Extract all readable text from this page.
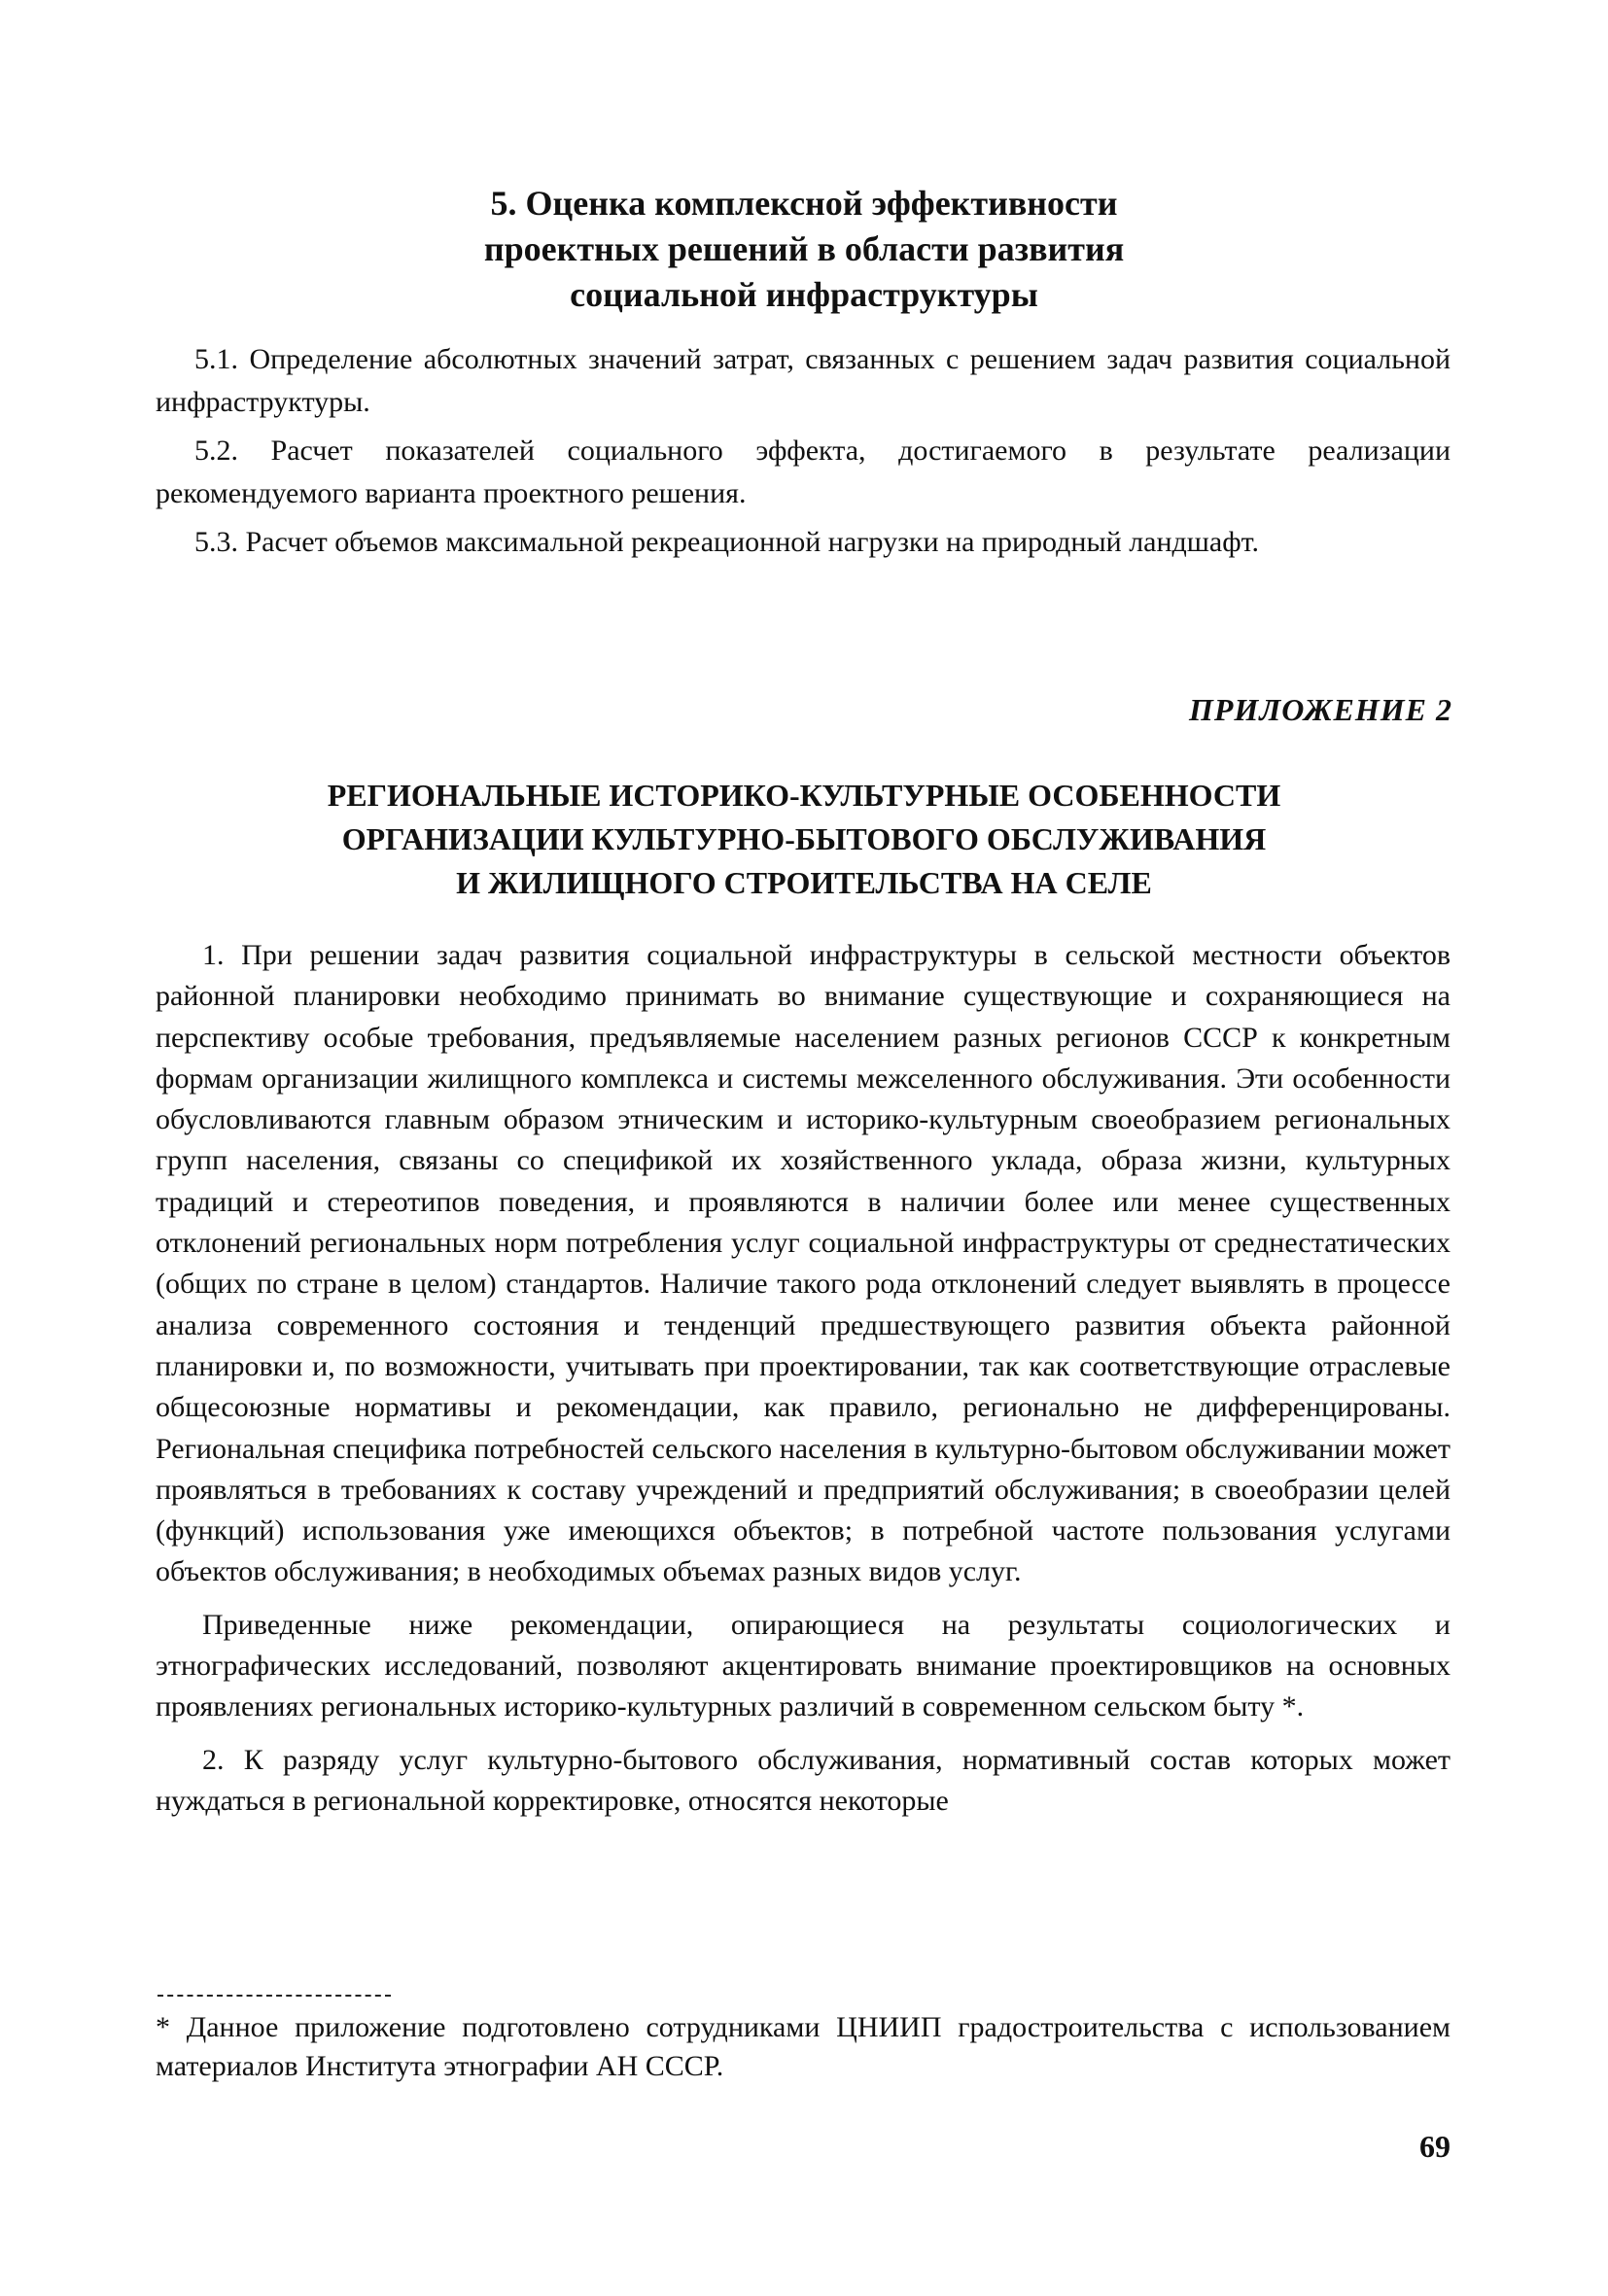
5. Оценка комплексной эффективности
проектных решений в области развития
социальной инфраструктуры

5.1. Определение абсолютных значений затрат, связанных с решением задач развития социальной инфраструктуры.

5.2. Расчет показателей социального эффекта, достигаемого в результате реализации рекомендуемого варианта проектного решения.

5.3. Расчет объемов максимальной рекреационной нагрузки на природный ландшафт.

ПРИЛОЖЕНИЕ 2
РЕГИОНАЛЬНЫЕ ИСТОРИКО-КУЛЬТУРНЫЕ ОСОБЕННОСТИ
ОРГАНИЗАЦИИ КУЛЬТУРНО-БЫТОВОГО ОБСЛУЖИВАНИЯ
И ЖИЛИЩНОГО СТРОИТЕЛЬСТВА НА СЕЛЕ

1. При решении задач развития социальной инфраструктуры в сельской местности объектов районной планировки необходимо принимать во внимание существующие и сохраняющиеся на перспективу особые требования, предъявляемые населением разных регионов СССР к конкретным формам организации жилищного комплекса и системы межселенного обслуживания. Эти особенности обусловливаются главным образом этническим и историко-культурным своеобразием региональных групп населения, связаны со спецификой их хозяйственного уклада, образа жизни, культурных традиций и стереотипов поведения, и проявляются в наличии более или менее существенных отклонений региональных норм потребления услуг социальной инфраструктуры от среднестатических (общих по стране в целом) стандартов. Наличие такого рода отклонений следует выявлять в процессе анализа современного состояния и тенденций предшествующего развития объекта районной планировки и, по возможности, учитывать при проектировании, так как соответствующие отраслевые общесоюзные нормативы и рекомендации, как правило, регионально не дифференцированы. Региональная специфика потребностей сельского населения в культурно-бытовом обслуживании может проявляться в требованиях к составу учреждений и предприятий обслуживания; в своеобразии целей (функций) использования уже имеющихся объектов; в потребной частоте пользования услугами объектов обслуживания; в необходимых объемах разных видов услуг.

Приведенные ниже рекомендации, опирающиеся на результаты социологических и этнографических исследований, позволяют акцентировать внимание проектировщиков на основных проявлениях региональных историко-культурных различий в современном сельском быту *.

2. К разряду услуг культурно-бытового обслуживания, нормативный состав которых может нуждаться в региональной корректировке, относятся некоторые

* Данное приложение подготовлено сотрудниками ЦНИИП градостроительства с использованием материалов Института этнографии АН СССР.
69
